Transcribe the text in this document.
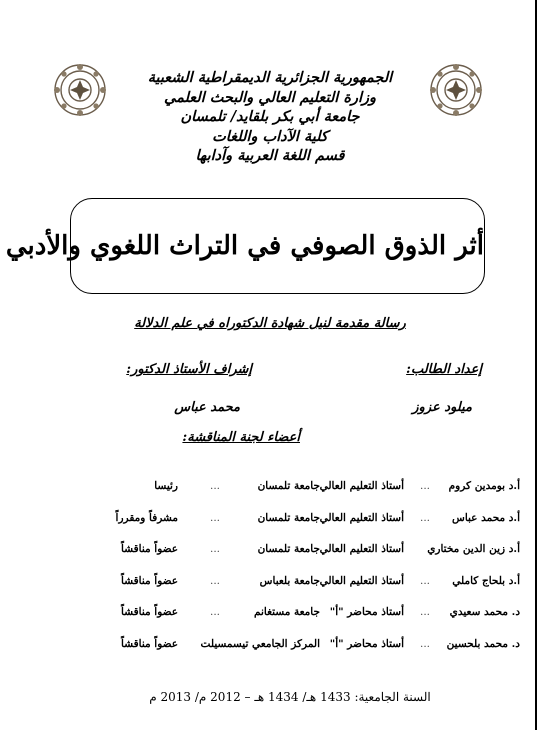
الجمهورية الجزائرية الديمقراطية الشعبية
وزارة التعليم العالي والبحث العلمي
جامعة أبي بكر بلقايد/ تلمسان
كلية الآداب واللغات
قسم اللغة العربية وآدابها
أثر الذوق الصوفي في التراث اللغوي والأدبي
رسالة مقدمة لنيل شهادة الدكتوراه في علم الدلالة
إعداد الطالب:
إشراف الأستاذ الدكتور:
ميلود عزوز
محمد عباس
أعضاء لجنة المناقشة:
أ.د بومدين كروم
...
أستاذ التعليم العالي
جامعة تلمسان
...
رئيسا
أ.د محمد عباس
...
أستاذ التعليم العالي
جامعة تلمسان
...
مشرفاً ومقرراً
أ.د زين الدين مختاري
أستاذ التعليم العالي
جامعة تلمسان
...
عضواً مناقشاً
أ.د بلحاج كاملي
...
أستاذ التعليم العالي
جامعة بلعباس
...
عضواً مناقشاً
د. محمد سعيدي
...
أستاذ محاضر "أ"
جامعة مستغانم
...
عضواً مناقشاً
د. محمد بلحسين
...
أستاذ محاضر "أ"
المركز الجامعي تيسمسيلت
عضواً مناقشاً
السنة الجامعية: 1433 هـ/ 1434 هـ – 2012 م/ 2013 م
